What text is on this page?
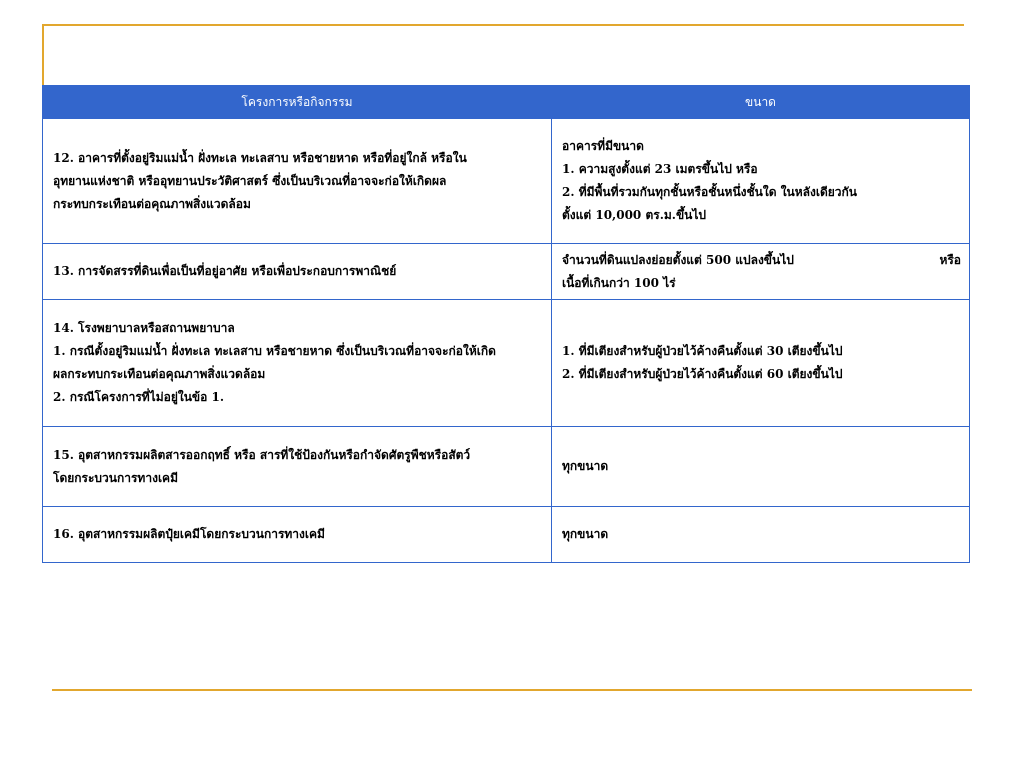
โครงการหรือกิจกรรม	ขนาด

12. อาคารที่ตั้งอยู่ริมแม่น้ำ ฝั่งทะเล ทะเลสาบ หรือชายหาด หรือที่อยู่ใกล้ หรือใน
อุทยานแห่งชาติ หรืออุทยานประวัติศาสตร์ ซึ่งเป็นบริเวณที่อาจจะก่อให้เกิดผล
กระทบกระเทือนต่อคุณภาพสิ่งแวดล้อม	อาคารที่มีขนาด
1. ความสูงตั้งแต่ 23 เมตรขึ้นไป หรือ
2. ที่มีพื้นที่รวมกันทุกชั้นหรือชั้นหนึ่งชั้นใด ในหลังเดียวกัน
ตั้งแต่ 10,000 ตร.ม.ขึ้นไป

13. การจัดสรรที่ดินเพื่อเป็นที่อยู่อาศัย หรือเพื่อประกอบการพาณิชย์	จำนวนที่ดินแปลงย่อยตั้งแต่ 500 แปลงขึ้นไป หรือ
เนื้อที่เกินกว่า 100 ไร่

14. โรงพยาบาลหรือสถานพยาบาล
1. กรณีตั้งอยู่ริมแม่น้ำ ฝั่งทะเล ทะเลสาบ หรือชายหาด ซึ่งเป็นบริเวณที่อาจจะก่อให้เกิด
ผลกระทบกระเทือนต่อคุณภาพสิ่งแวดล้อม
2. กรณีโครงการที่ไม่อยู่ในข้อ 1.	1. ที่มีเตียงสำหรับผู้ป่วยไว้ค้างคืนตั้งแต่ 30 เตียงขึ้นไป
2. ที่มีเตียงสำหรับผู้ป่วยไว้ค้างคืนตั้งแต่ 60 เตียงขึ้นไป

15. อุตสาหกรรมผลิตสารออกฤทธิ์ หรือ สารที่ใช้ป้องกันหรือกำจัดศัตรูพืชหรือสัตว์
โดยกระบวนการทางเคมี	ทุกขนาด

16. อุตสาหกรรมผลิตปุ๋ยเคมีโดยกระบวนการทางเคมี	ทุกขนาด
